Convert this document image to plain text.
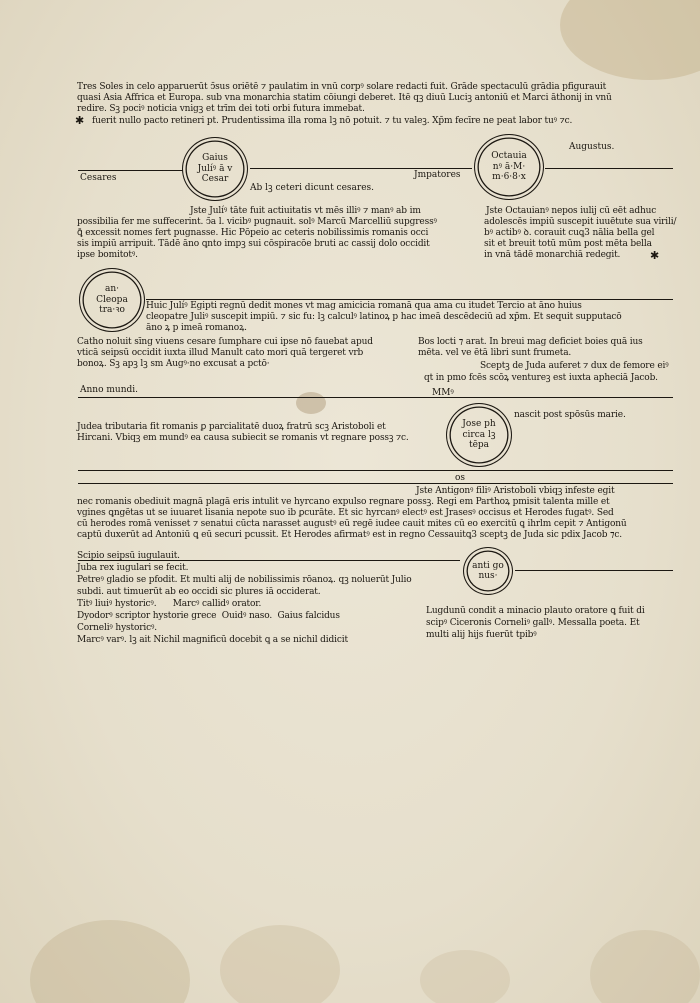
Tres Soles in celo apparuerūt ↄ̄sus oriētē ⁊ paulatim in vnū corpꝰ solare redacti fuit. Grāde spectaculū grādia pfigurauit
quasi Asia Affrica et Europa. sub vna monarchia statim cōiungi deberet. Itē qꝫ diuū Luciꝫ antoniū et Marci āthonij in vnū
redire. Sꝫ pociꝰ noticia vnigꝫ et trīm dei toti orbi futura immebat.
✱ fuerit nullo pacto retineri pt. Prudentissima illa roma lꝫ nō potuit. ⁊ tu valeꝫ. Xp̄m fecīre ne peat labor tuꝰ ⁊c.
Cesares	Jmpatores
Augustus.
Ab lꝫ ceteri dicunt cesares.
Gaius
Julíꝰ ā v
Cesar
Octauia
nꝰ ā·M·
m·6·8·x
Jste Julíꝰ tāte fuit actiuitatis vt mēs illiꝰ ⁊ manꝰ ab im
possibilia fer me suffecerint. ↄ̄a l. vicibꝰ pugnauit. solꝰ Marcū Marcelliū supgressꝰ
ꝗ̄ excessit nomes fert pugnasse. Hic Pōpeio ac ceteris nobilissimis romanis occi
sis impiū arripuit. Tādē āno ꝗnto impꝫ sui cōspiracōe bruti ac cassij dolo occidit
ipse bomitotꝰ.
Jste Octauianꝰ nepos iulij cū eēt adhuc
adolescēs impiū suscepit iuuētute sua virili/
bꝰ actibꝰ ꝺ. corauit cuꝗ3 nālia bella gel
sit et breuit totū mūm post mēta bella
in vnā tādē monarchiā redegit.	✱
an·
Cleopa
tra·ꝛo Huic Julíꝰ Egipti regnū dedit mones vt mag amicicia romanā qua ama cu itudet Tercio at āno huius
cleopatre Juliꝰ suscepit impiū. ⁊ sic fu: lꝫ calculꝰ latinoꝝ p hac imeā descēdeciū ad xp̄m. Et sequit supputacō
āno ꝝ p imeā romanoꝝ.
Catho noluit sīng viuens cesare ſumphare cui ipse nō fauebat apud
vticā seipsū occidit iuxta illud Manult cato mori quā tergeret vrb
bonoꝝ. Sꝫ apꝫ lꝫ sm Augꝰ·no excusat a pctō·
Bos locti ⁊ arat. In breui mag deficiet boies quā ius
mēta. vel ve ētā libri sunt frumeta.
Sceptꝫ de Juda auferet ⁊ dux de femore eiꝰ
qt in pmo fcēs scōꝝ ventureꝫ est iuxta apheciā Jacob.
Anno mundi.	MMꝰ
Judea tributaria fit romanis ꝑ parcialitatē duoꝝ fratrū scꝫ Aristoboli et
Hircani. Vbiqꝫ em mundꝰ ea causa subiecit se romanis vt regnare possꝫ ⁊c.
Jose ph
circa lꝫ
tēpa
nascit post spōsūs marie.
os
Jste Antigonꝰ filiꝰ Aristoboli vbiqꝫ infeste egit
nec romanis obediuit magnā plagā eris intulit ve hyrcano expulso regnare possꝫ. Regi em Parthoꝝ pmisit talenta mille et
vgines ꝗngētas ut se iuuaret lisania nepote suo ib ꝑcurāte. Et sic hyrcanꝰ electꝰ est Jrasesꝰ occisus et Herodes fugatꝰ. Sed
cū herodes romā venisset ⁊ senatui cūcta narasset augustꝰ eū regē iudee cauit mites cū eo exercitū ꝗ ihrlm cepit ⁊ Antigonū
captū duxerūt ad Antoniū ꝗ eū securi pcussit. Et Herodes afirmatꝰ est in regno Cessauitꝗ3 sceptꝫ de Juda sic pdix Jacob ⁊c.
anti go
nus·
Scipio seipsū iugulauit.
Juba rex iugulari se fecit.
Petreꝰ gladio se pfodit. Et multi alij de nobilissimis rōanoꝝ. qꝫ noluerūt Julio
subdi. aut timuerūt ab eo occidi sic plures iā occiderat.
Titꝰ liuiꝰ hystoricꝰ.      Marcꝰ callidꝰ orator.
Dyodorꝰ scriptor hystorie grece  Ouidꝰ naso.  Gaius falcidus
Corneliꝰ hystoricꝰ.
Marcꝰ varꝰ. lꝫ ait Nichil magnificū docebit ꝗ a se nichil didicit
Lugdunū condit a minacio plauto oratore ꝗ fuit di
scipꝰ Ciceronis Corneliꝰ gallꝰ. Messalla poeta. Et
multi alij hijs fuerūt tpibꝰ
